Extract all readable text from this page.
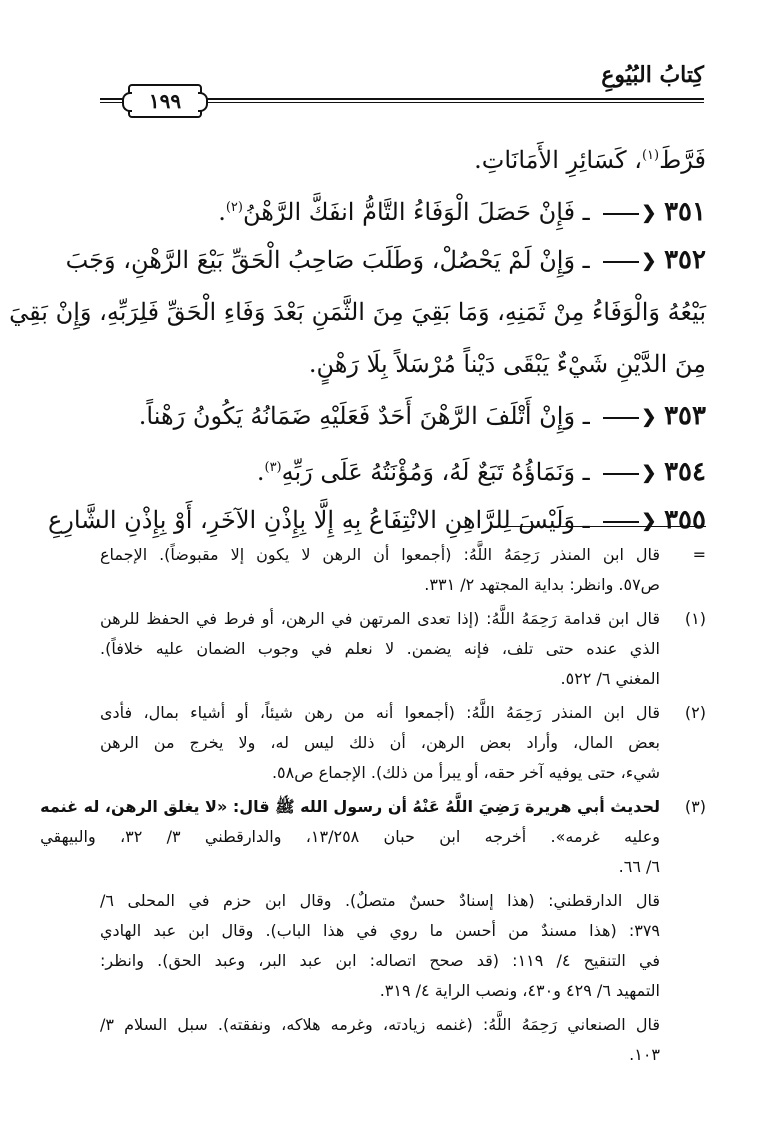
كِتابُ البُيُوعِ
١٩٩
فَرَّطَ$^{(١)}$، كَسَائِرِ الأَمَانَاتِ.
٣٥١ ❯ ـ فَإِنْ حَصَلَ الْوَفَاءُ التَّامُّ انفَكَّ الرَّهْنُ$^{(٢)}$.
٣٥٢ ❯ ـ وَإِنْ لَمْ يَحْصُلْ، وَطَلَبَ صَاحِبُ الْحَقِّ بَيْعَ الرَّهْنِ، وَجَبَ
بَيْعُهُ وَالْوَفَاءُ مِنْ ثَمَنِهِ، وَمَا بَقِيَ مِنَ الثَّمَنِ بَعْدَ وَفَاءِ الْحَقِّ فَلِرَبِّهِ، وَإِنْ بَقِيَ
مِنَ الدَّيْنِ شَيْءٌ يَبْقَى دَيْناً مُرْسَلاً بِلَا رَهْنٍ.
٣٥٣ ❯ ـ وَإِنْ أَتْلَفَ الرَّهْنَ أَحَدٌ فَعَلَيْهِ ضَمَانُهُ يَكُونُ رَهْناً.
٣٥٤ ❯ ـ وَنَمَاؤُهُ تَبَعٌ لَهُ، وَمُؤْنَتُهُ عَلَى رَبِّهِ$^{(٣)}$.
٣٥٥ ❯ ـ وَلَيْسَ لِلرَّاهِنِ الانْتِفَاعُ بِهِ إِلَّا بِإِذْنِ الآخَرِ، أَوْ بِإِذْنِ الشَّارِعِ
=
قال ابن المنذر رَحِمَهُ اللَّهُ: (أجمعوا أن الرهن لا يكون إلا مقبوضاً). الإجماع
ص٥٧. وانظر: بداية المجتهد ٢/ ٣٣١.
(١)
قال ابن قدامة رَحِمَهُ اللَّهُ: (إذا تعدى المرتهن في الرهن، أو فرط في الحفظ للرهن
الذي عنده حتى تلف، فإنه يضمن. لا نعلم في وجوب الضمان عليه خلافاً).
المغني ٦/ ٥٢٢.
(٢)
قال ابن المنذر رَحِمَهُ اللَّهُ: (أجمعوا أنه من رهن شيئاً، أو أشياء بمال، فأدى
بعض المال، وأراد بعض الرهن، أن ذلك ليس له، ولا يخرج من الرهن
شيء، حتى يوفيه آخر حقه، أو يبرأ من ذلك). الإجماع ص٥٨.
(٣)
لحديث أبي هريرة رَضِيَ اللَّهُ عَنْهُ أن رسول الله ﷺ قال: «لا يغلق الرهن، له غنمه
وعليه غرمه». أخرجه ابن حبان ١٣/٢٥٨، والدارقطني ٣/ ٣٢، والبيهقي
٦/ ٦٦.
قال الدارقطني: (هذا إسنادٌ حسنٌ متصلٌ). وقال ابن حزم في المحلى ٦/
٣٧٩: (هذا مسندٌ من أحسن ما روي في هذا الباب). وقال ابن عبد الهادي
في التنقيح ٤/ ١١٩: (قد صحح اتصاله: ابن عبد البر، وعبد الحق). وانظر:
التمهيد ٦/ ٤٢٩ و٤٣٠، ونصب الراية ٤/ ٣١٩.
قال الصنعاني رَحِمَهُ اللَّهُ: (غنمه زيادته، وغرمه هلاكه، ونفقته). سبل السلام ٣/
١٠٣.
